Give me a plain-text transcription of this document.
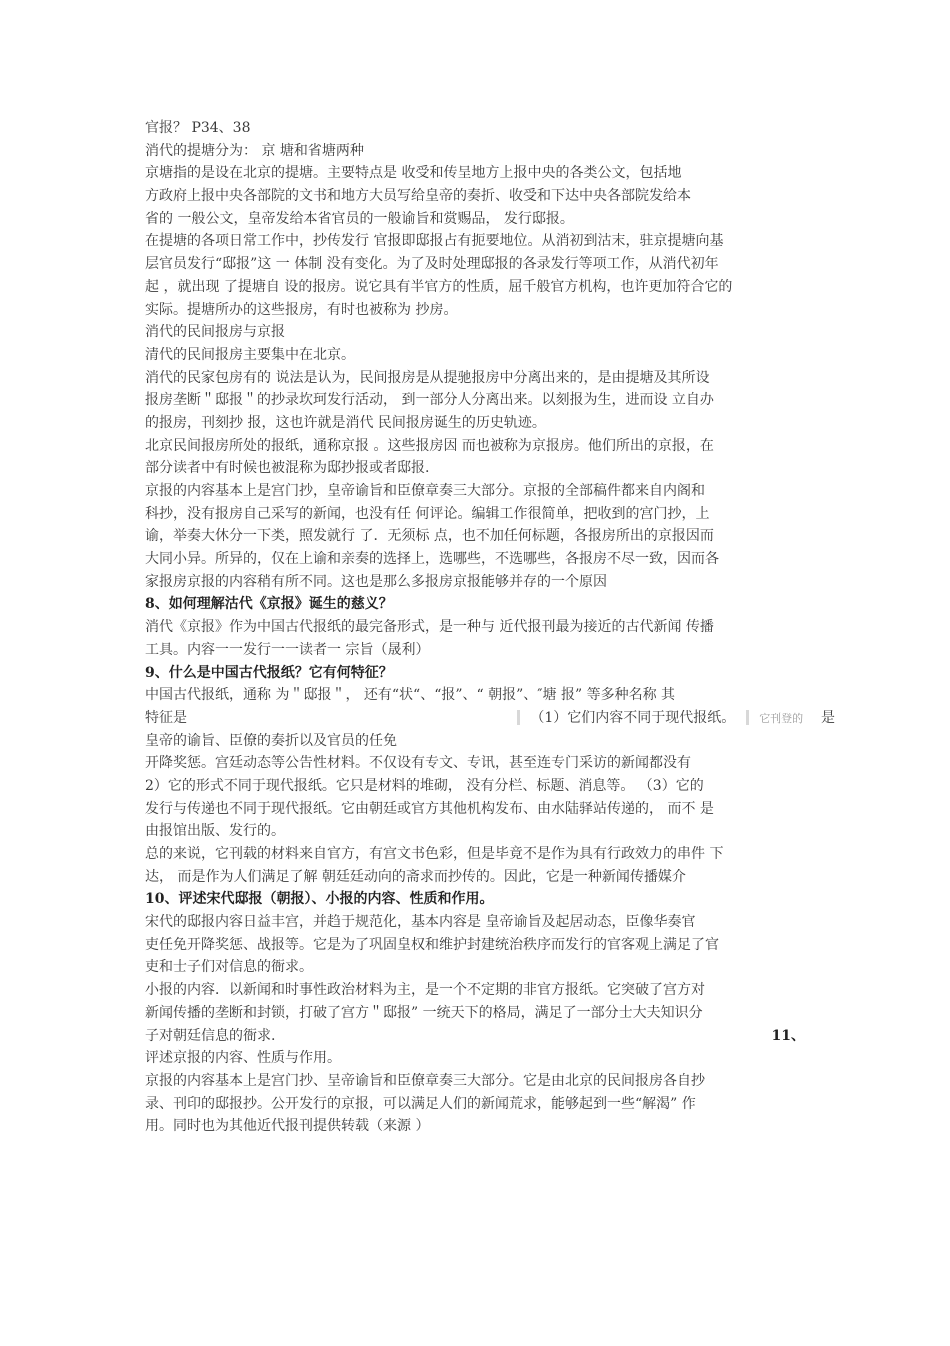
官报？ P34、38
消代的提塘分为： 京 塘和省塘两种
京塘指的是设在北京的提塘。主要特点是 收受和传呈地方上报中央的各类公文，包括地
方政府上报中央各部院的文书和地方大员写给皇帝的奏折、收受和下达中央各部院发给本
省的 一般公文，皇帝发给本省官员的一般谕旨和赏赐品， 发行邸报。
在提塘的各项日常工作中，抄传发行 官报即邸报占有扼要地位。从消初到沽末，驻京提塘向基
层官员发行“邸报”这 一 体制 没有变化。为了及时处理邸报的各录发行等项工作，从消代初年
起 ，就出现 了提塘自 设的报房。说它具有半官方的性质，屈千般官方机构，也许更加符合它的
实际。提塘所办的这些报房，有时也被称为 抄房。
消代的民间报房与京报
清代的民间报房主要集中在北京。
消代的民家包房有的 说法是认为，民间报房是从提驰报房中分离出来的，是由提塘及其所设
报房垄断＂邸报＂的抄录坎珂发行活动， 到一部分人分离出来。以刻报为生，进而设 立自办
的报房，刊刻抄 报，这也许就是消代 民间报房诞生的历史轨迹。
北京民间报房所处的报纸，通称京报 。这些报房因 而也被称为京报房。他们所出的京报，在
部分读者中有时候也被混称为邸抄报或者邸报.
京报的内容基本上是宫门抄，皇帝谕旨和臣僚章奏三大部分。京报的全部稿件都来自内阁和
科抄，没有报房自己采写的新闻，也没有任 何评论。编辑工作很简单，把收到的宫门抄，上
谕，举奏大休分一下类，照发就行 了．无须标 点，也不加任何标题，各报房所出的京报因而
大同小异。所异的，仅在上谕和亲奏的选择上，选哪些，不选哪些，各报房不尽一致，因而各
家报房京报的内容稍有所不同。这也是那么多报房京报能够并存的一个原因
8、如何理解沽代《京报》诞生的慈义？
消代《京报》作为中国古代报纸的最完备形式，是一种与 近代报刊最为接近的古代新闻 传播
工具。内容一一发行一一读者一 宗旨（晟利）
9、什么是中国古代报纸？它有何特征？
中国古代报纸，通称 为＂邸报＂， 还有“状“、“报”、“ 朝报”、″塘 报” 等多种名称 其
特征是	（1）它们内容不同于现代报纸。 它刊登的 是
皇帝的谕旨、臣僚的奏折以及官员的任免
开降奖惩。宫廷动态等公告性材料。不仅设有专文、专讯，甚至连专门采访的新闻都没有
2）它的形式不同于现代报纸。它只是材料的堆砌， 没有分栏、标题、消息等。 （3）它的
发行与传递也不同于现代报纸。它由朝廷或官方其他机构发布、由水陆驿站传递的， 而不 是
由报馆出版、发行的。
总的来说，它刊载的材料来自官方，有宫文书色彩，但是毕竟不是作为具有行政效力的串件 下
达， 而是作为人们满足了解 朝廷廷动向的斋求而抄传的。因此，它是一种新闻传播媒介
10、评述宋代邸报（朝报）、小报的内容、性质和作用。
宋代的邸报内容日益丰宫，并趋于规范化，基本内容是 皇帝谕旨及起居动态，臣像华奏官
吏任免开降奖惩、战报等。它是为了巩固皇权和维护封建统治秩序而发行的官客观上满足了官
吏和士子们对信息的衙求。
小报的内容．以新闻和时事性政治材料为主，是一个不定期的非官方报纸。它突破了宫方对
新闻传播的垄断和封锁，打破了宫方＂邸报” 一统天下的格局，满足了一部分士大夫知识分
子对朝廷信息的衙求.	11、
评述京报的内容、性质与作用。
京报的内容基本上是宫门抄、呈帝谕旨和臣僚章奏三大部分。它是由北京的民间报房各自抄
录、刊印的邸报抄。公开发行的京报，可以满足人们的新闻荒求，能够起到一些“解渴” 作
用。同时也为其他近代报刊提供转载（来源 ）
